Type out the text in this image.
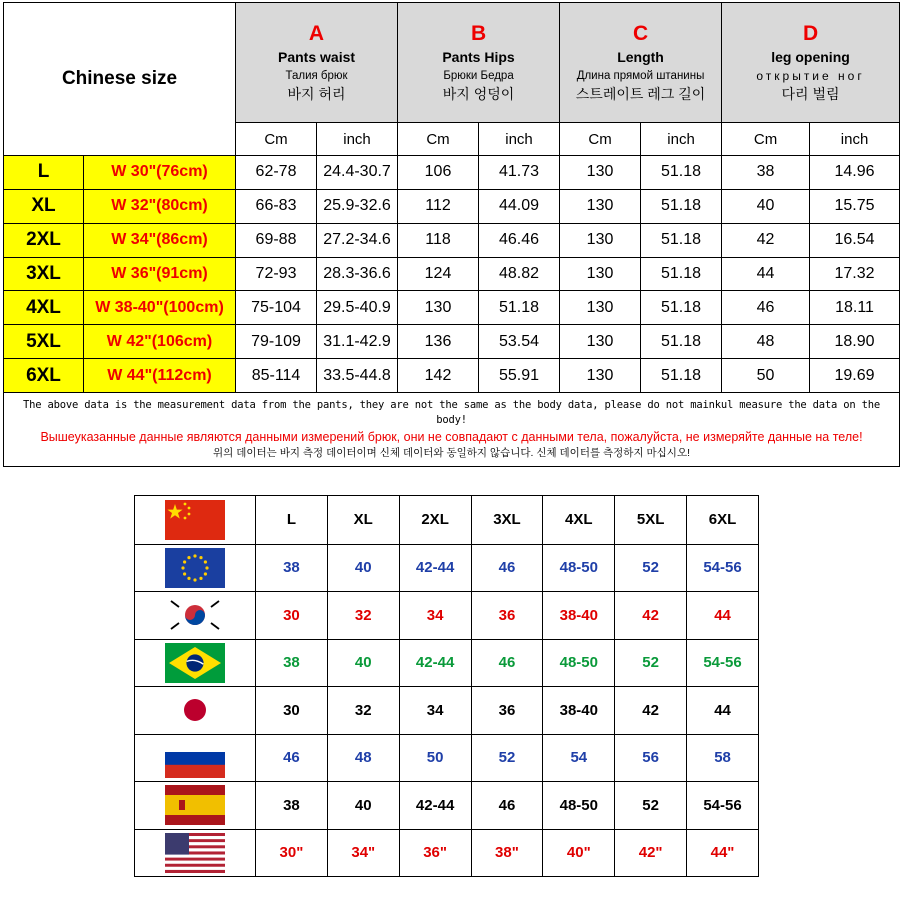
Chinese size		A
Pants waist
Талия брюк
바지 허리		B
Pants Hips
Брюки Бедра
바지 엉덩이		C
Length
Длина прямой штанины
스트레이트 레그 길이		D
leg opening
открытие ног
다리 벌림	

		Cm	inch	Cm	inch	Cm	inch	Cm	inch
L	W 30"(76cm)	62-78	24.4-30.7	106	41.73	130	51.18	38	14.96
XL	W 32"(80cm)	66-83	25.9-32.6	112	44.09	130	51.18	40	15.75
2XL	W 34"(86cm)	69-88	27.2-34.6	118	46.46	130	51.18	42	16.54
3XL	W 36"(91cm)	72-93	28.3-36.6	124	48.82	130	51.18	44	17.32
4XL	W 38-40"(100cm)	75-104	29.5-40.9	130	51.18	130	51.18	46	18.11
5XL	W 42"(106cm)	79-109	31.1-42.9	136	53.54	130	51.18	48	18.90
6XL	W 44"(112cm)	85-114	33.5-44.8	142	55.91	130	51.18	50	19.69

The above data is the measurement data from the pants, they are not the same as the body data, please do not mainkul measure the data on the body!
Вышеуказанные данные являются данными измерений брюк, они не совпадают с данными тела, пожалуйста, не измеряйте данные на теле!
위의 데이터는 바지 측정 데이터이며 신체 데이터와 동일하지 않습니다. 신체 데이터를 측정하지 마십시오!									
	L	XL	2XL	3XL	4XL	5XL	6XL
	38	40	42-44	46	48-50	52	54-56
	30	32	34	36	38-40	42	44
	38	40	42-44	46	48-50	52	54-56
	30	32	34	36	38-40	42	44
	46	48	50	52	54	56	58
	38	40	42-44	46	48-50	52	54-56
	30"	34"	36"	38"	40"	42"	44"
